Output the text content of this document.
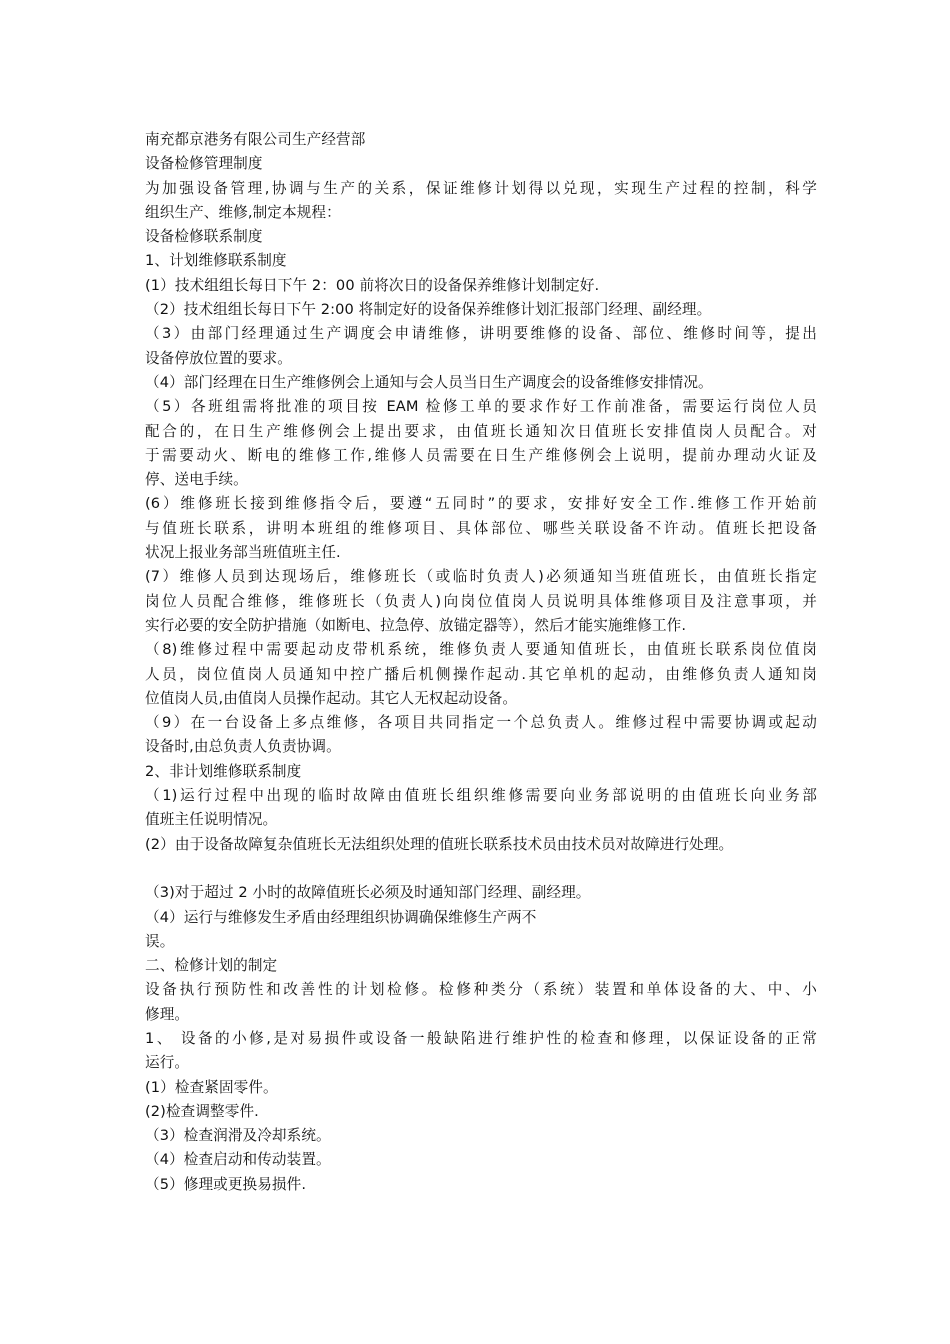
南充都京港务有限公司生产经营部
设备检修管理制度
为加强设备管理,协调与生产的关系，保证维修计划得以兑现，实现生产过程的控制，科学
组织生产、维修,制定本规程：
设备检修联系制度
1、计划维修联系制度
(1）技术组组长每日下午 2：00 前将次日的设备保养维修计划制定好.
（2）技术组组长每日下午 2:00 将制定好的设备保养维修计划汇报部门经理、副经理。
（3）由部门经理通过生产调度会申请维修，讲明要维修的设备、部位、维修时间等，提出
设备停放位置的要求。
（4）部门经理在日生产维修例会上通知与会人员当日生产调度会的设备维修安排情况。
（5）各班组需将批准的项目按 EAM 检修工单的要求作好工作前准备，需要运行岗位人员
配合的，在日生产维修例会上提出要求，由值班长通知次日值班长安排值岗人员配合。对
于需要动火、断电的维修工作,维修人员需要在日生产维修例会上说明，提前办理动火证及
停、送电手续。
(6）维修班长接到维修指令后，要遵“五同时”的要求，安排好安全工作.维修工作开始前
与值班长联系，讲明本班组的维修项目、具体部位、哪些关联设备不许动。值班长把设备
状况上报业务部当班值班主任.
(7）维修人员到达现场后，维修班长（或临时负责人)必须通知当班值班长，由值班长指定
岗位人员配合维修，维修班长（负责人)向岗位值岗人员说明具体维修项目及注意事项，并
实行必要的安全防护措施（如断电、拉急停、放锚定器等），然后才能实施维修工作.
（8)维修过程中需要起动皮带机系统，维修负责人要通知值班长，由值班长联系岗位值岗
人员，岗位值岗人员通知中控广播后机侧操作起动.其它单机的起动，由维修负责人通知岗
位值岗人员,由值岗人员操作起动。其它人无权起动设备。
（9）在一台设备上多点维修，各项目共同指定一个总负责人。维修过程中需要协调或起动
设备时,由总负责人负责协调。
2、非计划维修联系制度
（1)运行过程中出现的临时故障由值班长组织维修需要向业务部说明的由值班长向业务部
值班主任说明情况。
(2）由于设备故障复杂值班长无法组织处理的值班长联系技术员由技术员对故障进行处理。
（3)对于超过 2 小时的故障值班长必须及时通知部门经理、副经理。
（4）运行与维修发生矛盾由经理组织协调确保维修生产两不
误。
二、检修计划的制定
设备执行预防性和改善性的计划检修。检修种类分（系统）装置和单体设备的大、中、小
修理。
1、 设备的小修,是对易损件或设备一般缺陷进行维护性的检查和修理，以保证设备的正常
运行。
(1）检查紧固零件。
(2)检查调整零件.
（3）检查润滑及冷却系统。
（4）检查启动和传动装置。
（5）修理或更换易损件.
